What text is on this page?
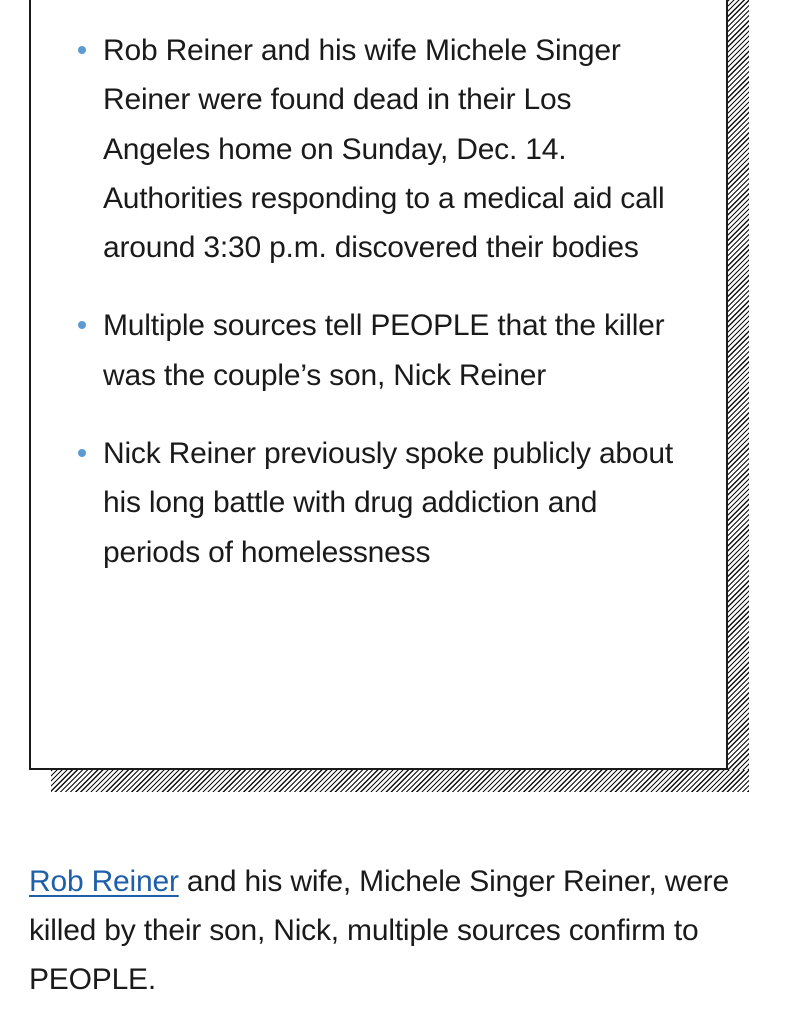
Rob Reiner and his wife Michele Singer Reiner were found dead in their Los Angeles home on Sunday, Dec. 14. Authorities responding to a medical aid call around 3:30 p.m. discovered their bodies
Multiple sources tell PEOPLE that the killer was the couple’s son, Nick Reiner
Nick Reiner previously spoke publicly about his long battle with drug addiction and periods of homelessness

Rob Reiner and his wife, Michele Singer Reiner, were killed by their son, Nick, multiple sources confirm to PEOPLE.
